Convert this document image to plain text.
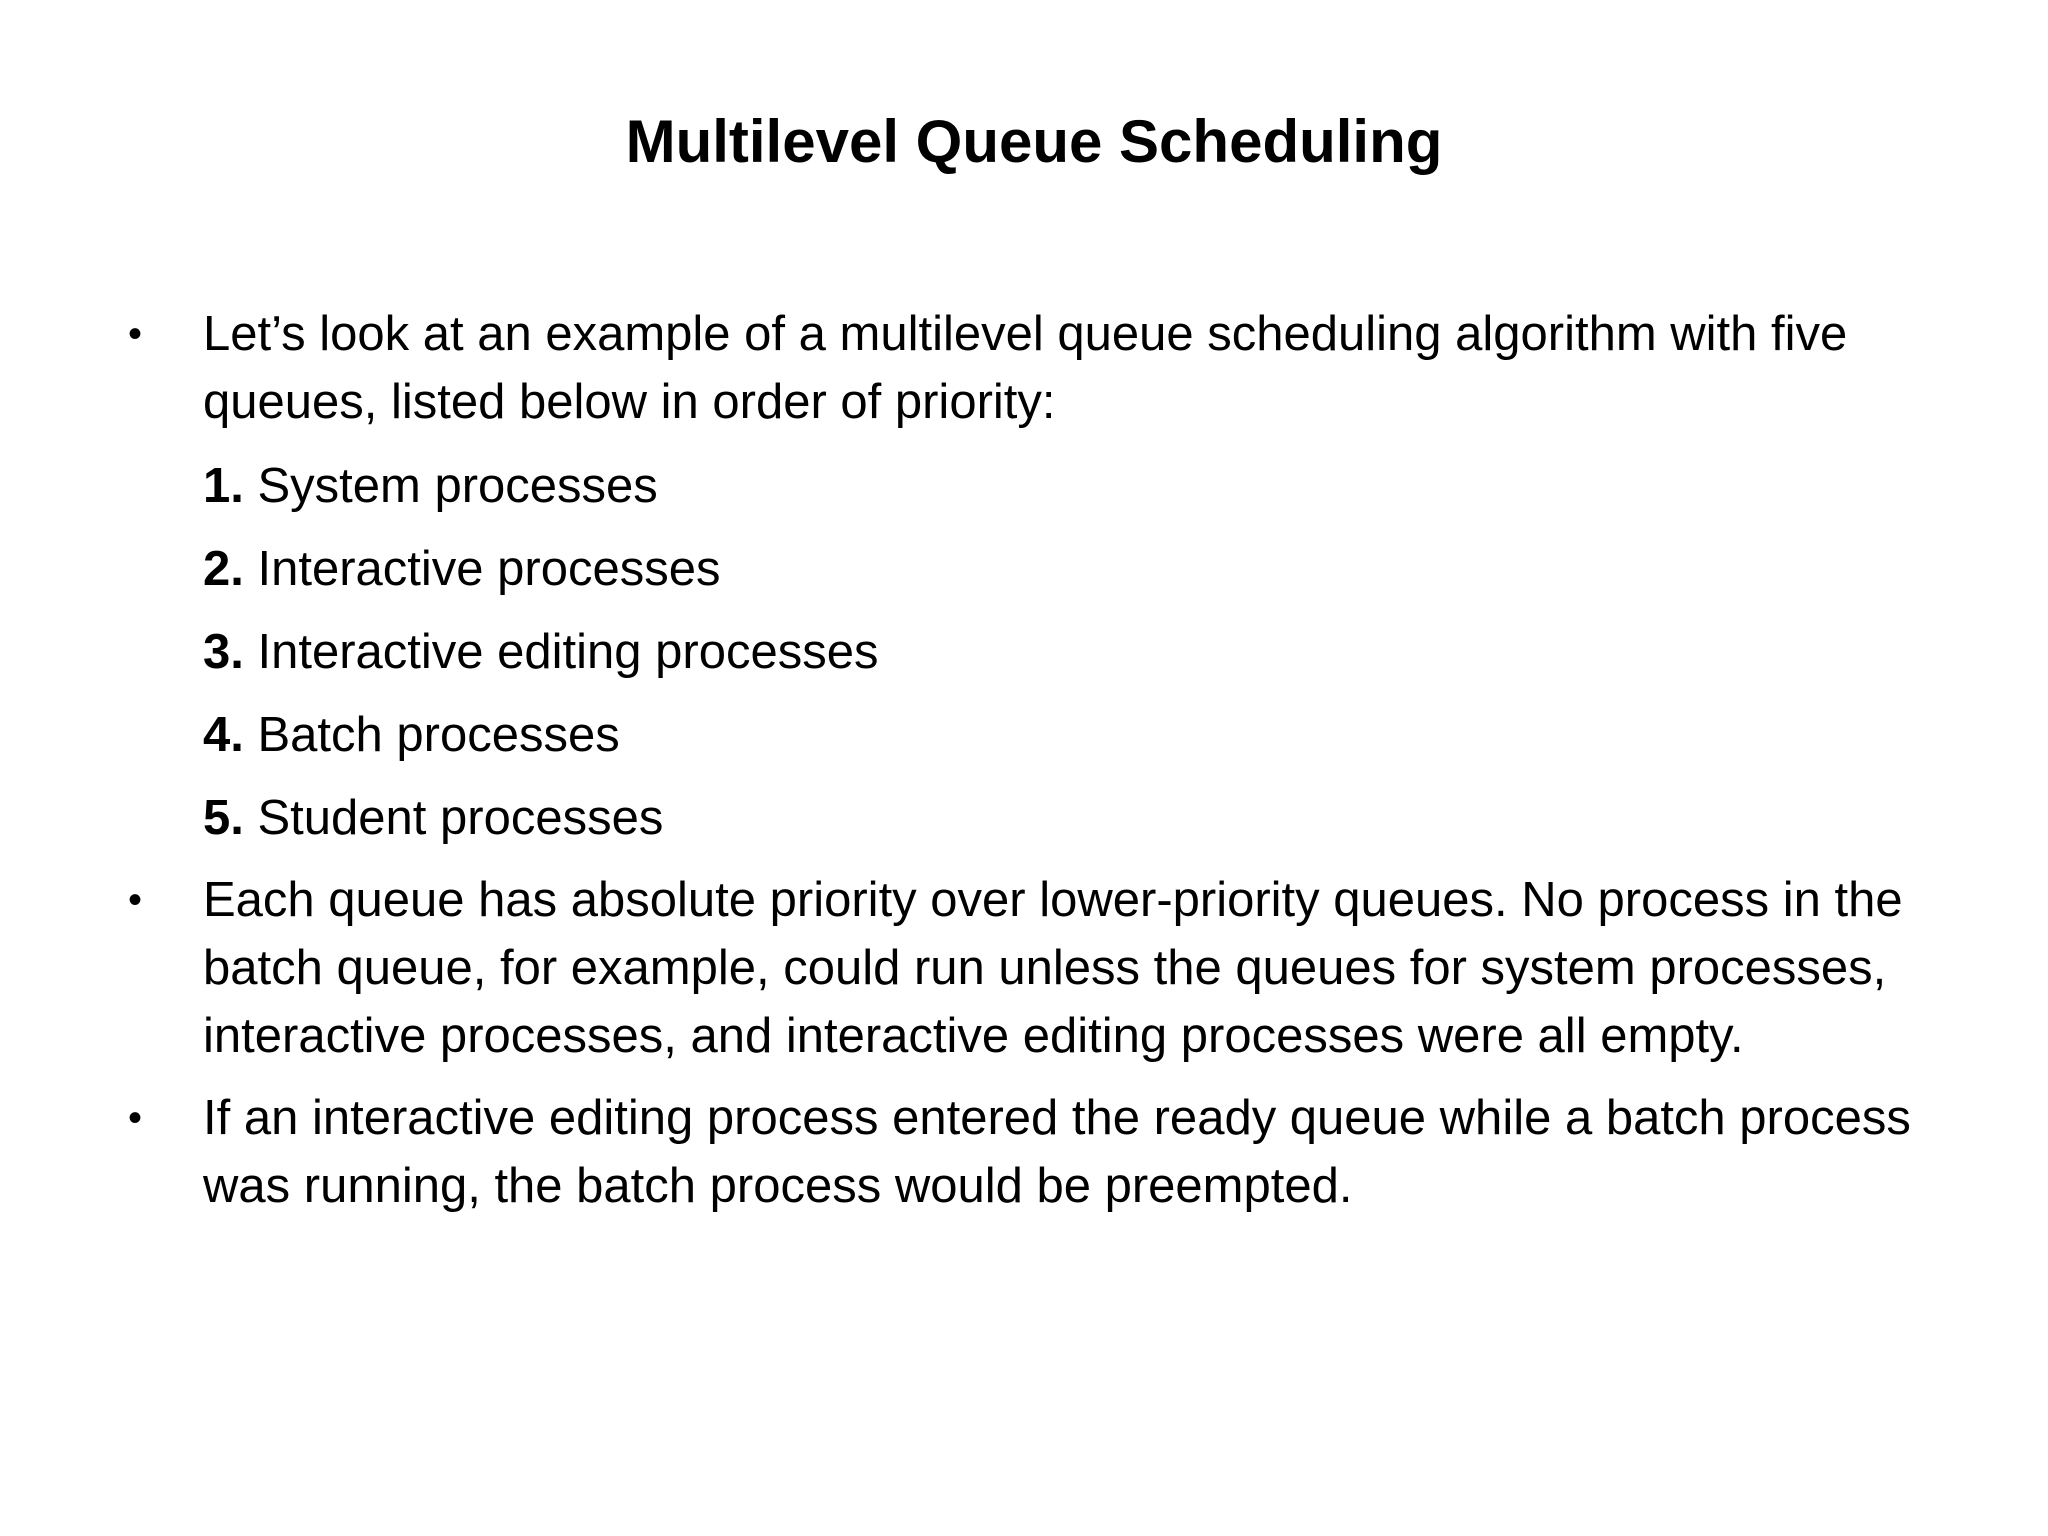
Multilevel Queue Scheduling
•	Let’s look at an example of a multilevel queue scheduling algorithm with five queues, listed below in order of priority:
1. System processes
2. Interactive processes
3. Interactive editing processes
4. Batch processes
5. Student processes
•	Each queue has absolute priority over lower-priority queues. No process in the batch queue, for example, could run unless the queues for system processes, interactive processes, and interactive editing processes were all empty.
•	If an interactive editing process entered the ready queue while a batch process was running, the batch process would be preempted.
